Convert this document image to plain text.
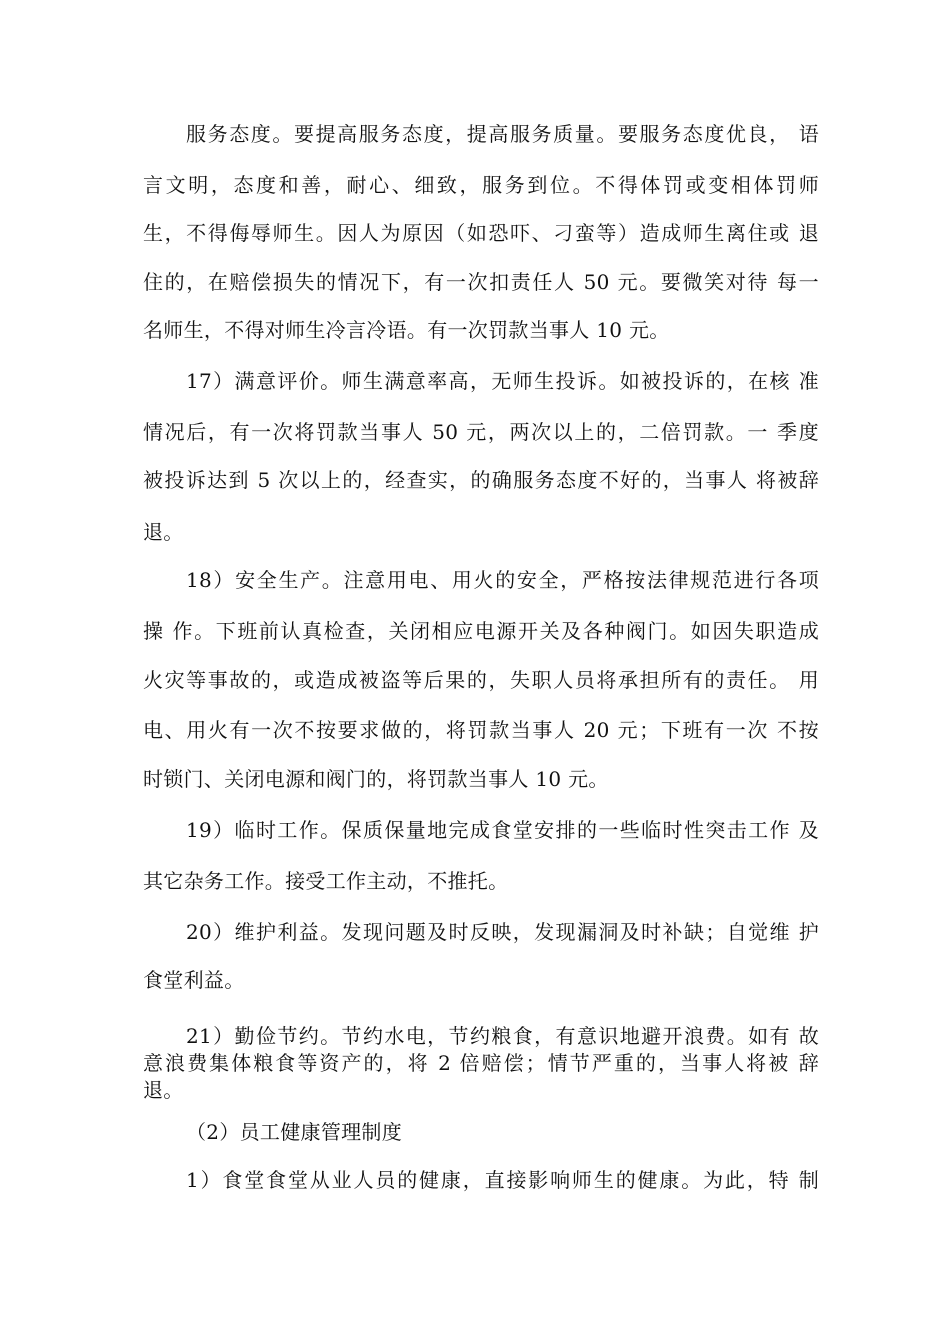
服务态度。要提高服务态度，提高服务质量。要服务态度优良， 语
言文明，态度和善，耐心、细致，服务到位。不得体罚或变相体罚师
生，不得侮辱师生。因人为原因（如恐吓、刁蛮等）造成师生离住或 退
住的，在赔偿损失的情况下，有一次扣责任人 50 元。要微笑对待 每一
名师生，不得对师生冷言冷语。有一次罚款当事人 10 元。
17）满意评价。师生满意率高，无师生投诉。如被投诉的，在核 准
情况后，有一次将罚款当事人 50 元，两次以上的，二倍罚款。一 季度
被投诉达到 5 次以上的，经查实，的确服务态度不好的，当事人 将被辞
退。
18）安全生产。注意用电、用火的安全，严格按法律规范进行各项
操 作。下班前认真检查，关闭相应电源开关及各种阀门。如因失职造成
火灾等事故的，或造成被盗等后果的，失职人员将承担所有的责任。 用
电、用火有一次不按要求做的，将罚款当事人 20 元；下班有一次 不按
时锁门、关闭电源和阀门的，将罚款当事人 10 元。
19）临时工作。保质保量地完成食堂安排的一些临时性突击工作 及
其它杂务工作。接受工作主动，不推托。
20）维护利益。发现问题及时反映，发现漏洞及时补缺；自觉维 护
食堂利益。
21）勤俭节约。节约水电，节约粮食，有意识地避开浪费。如有 故
意浪费集体粮食等资产的，将 2 倍赔偿；情节严重的，当事人将被 辞
退。
（2）员工健康管理制度
1）食堂食堂从业人员的健康，直接影响师生的健康。为此，特 制
